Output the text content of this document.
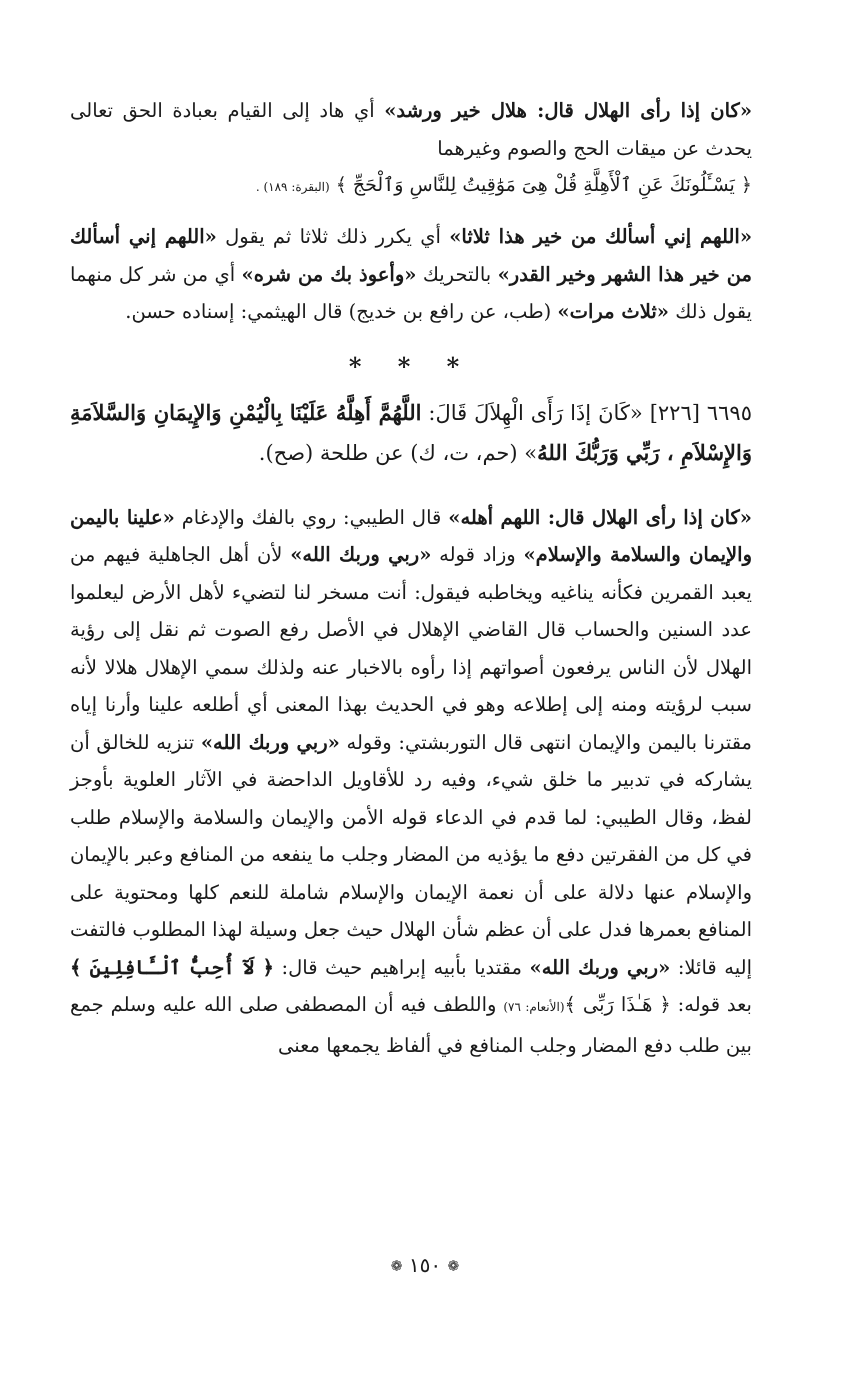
«كان إذا رأى الهلال قال: هلال خير ورشد» أي هاد إلى القيام بعبادة الحق تعالى يحدث عن ميقات الحج والصوم وغيرهما

﴿ يَسْـَٔلُونَكَ عَنِ ٱلْأَهِلَّةِ قُلْ هِىَ مَوَٰقِيتُ لِلنَّاسِ وَٱلْحَجِّ ﴾ (البقرة: ١٨٩) .

«اللهم إني أسألك من خير هذا ثلاثا» أي يكرر ذلك ثلاثا ثم يقول «اللهم إني أسألك من خير هذا الشهر وخير القدر» بالتحريك «وأعوذ بك من شره» أي من شر كل منهما يقول ذلك «ثلاث مرات» (طب، عن رافع بن خديج) قال الهيثمي: إسناده حسن.

* * *

٦٦٩٥ [٢٢٦] «كَانَ إذَا رَأَى الْهِلاَلَ قَالَ: اللَّهُمَّ أَهِلَّهُ عَلَيْنَا بِالْيُمْنِ وَالإِيمَانِ وَالسَّلاَمَةِ وَالإِسْلاَمِ ، رَبِّي وَرَبُّكَ اللهُ» (حم، ت، ك) عن طلحة (صح).

«كان إذا رأى الهلال قال: اللهم أهله» قال الطيبي: روي بالفك والإدغام «علينا باليمن والإيمان والسلامة والإسلام» وزاد قوله «ربي وربك الله» لأن أهل الجاهلية فيهم من يعبد القمرين فكأنه يناغيه ويخاطبه فيقول: أنت مسخر لنا لتضيء لأهل الأرض ليعلموا عدد السنين والحساب قال القاضي الإهلال في الأصل رفع الصوت ثم نقل إلى رؤية الهلال لأن الناس يرفعون أصواتهم إذا رأوه بالاخبار عنه ولذلك سمي الإهلال هلالا لأنه سبب لرؤيته ومنه إلى إطلاعه وهو في الحديث بهذا المعنى أي أطلعه علينا وأرنا إياه مقترنا باليمن والإيمان انتهى قال التوربشتي: وقوله «ربي وربك الله» تنزيه للخالق أن يشاركه في تدبير ما خلق شيء، وفيه رد للأقاويل الداحضة في الآثار العلوية بأوجز لفظ، وقال الطيبي: لما قدم في الدعاء قوله الأمن والإيمان والسلامة والإسلام طلب في كل من الفقرتين دفع ما يؤذيه من المضار وجلب ما ينفعه من المنافع وعبر بالإيمان والإسلام عنها دلالة على أن نعمة الإيمان والإسلام شاملة للنعم كلها ومحتوية على المنافع بعمرها فدل على أن عظم شأن الهلال حيث جعل وسيلة لهذا المطلوب فالتفت إليه قائلا: «ربي وربك الله» مقتديا بأبيه إبراهيم حيث قال: ﴿ لَآ أُحِبُّ ٱلْـَٔافِلِينَ ﴾ بعد قوله: ﴿ هَـٰذَا رَبِّى ﴾(الأنعام: ٧٦) واللطف فيه أن المصطفى صلى الله عليه وسلم جمع بين طلب دفع المضار وجلب المنافع في ألفاظ يجمعها معنى

❁ ١٥٠ ❁
